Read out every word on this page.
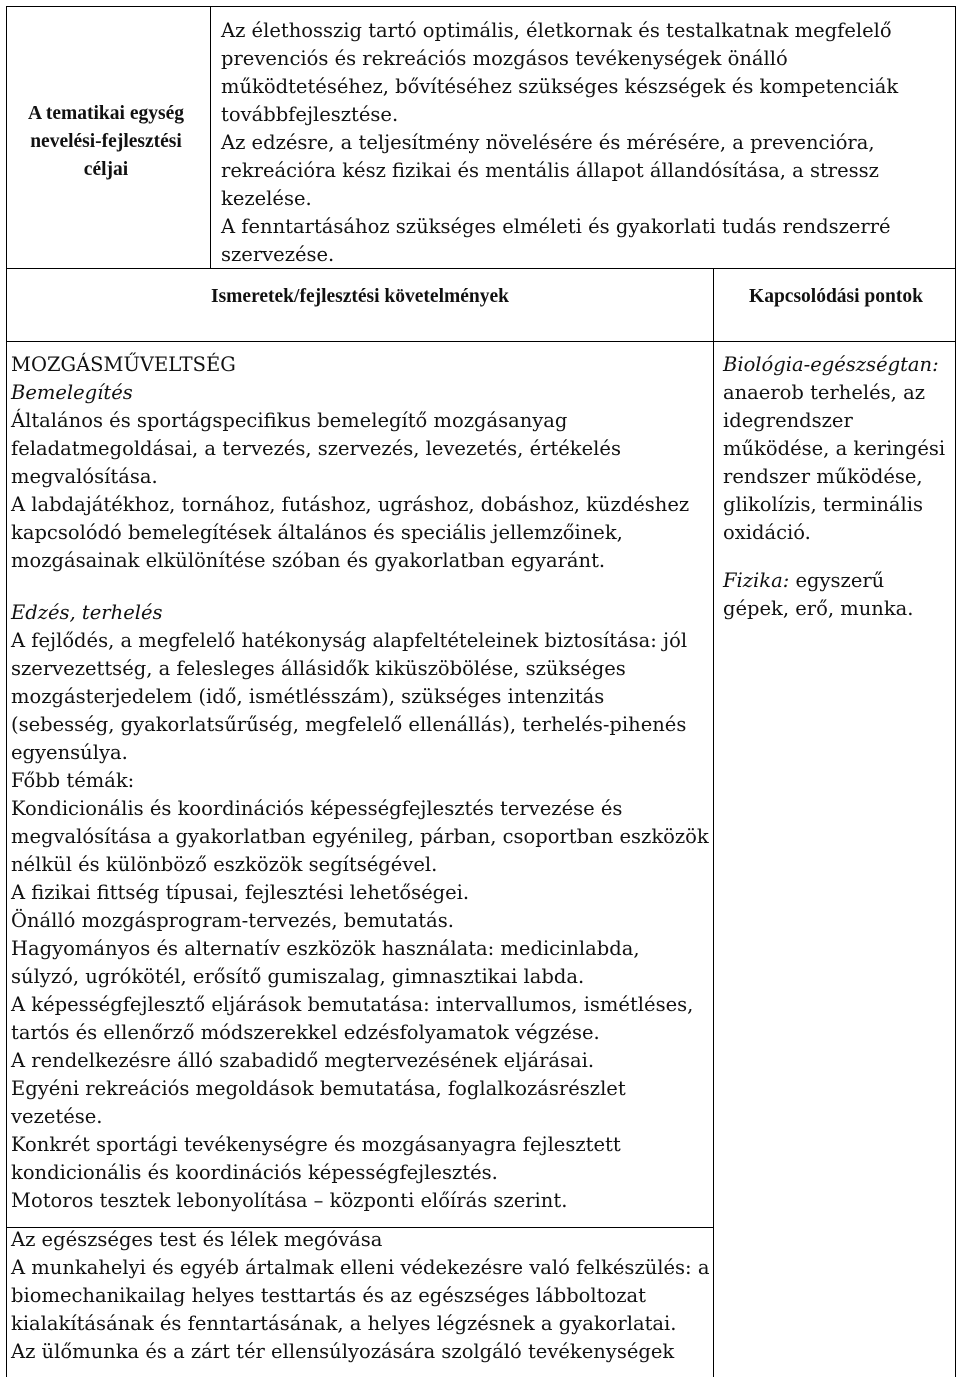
A tematikai egység nevelési-fejlesztési céljai

Az élethosszig tartó optimális, életkornak és testalkatnak megfelelő prevenciós és rekreációs mozgásos tevékenységek önálló működtetéséhez, bővítéséhez szükséges készségek és kompetenciák továbbfejlesztése.
Az edzésre, a teljesítmény növelésére és mérésére, a prevencióra, rekreációra kész fizikai és mentális állapot állandósítása, a stressz kezelése.
A fenntartásához szükséges elméleti és gyakorlati tudás rendszerré szervezése.

Ismeretek/fejlesztési követelmények	Kapcsolódási pontok

MOZGÁSMŰVELTSÉG

Bemelegítés

Általános és sportágspecifikus bemelegítő mozgásanyag feladatmegoldásai, a tervezés, szervezés, levezetés, értékelés megvalósítása.
A labdajátékhoz, tornához, futáshoz, ugráshoz, dobáshoz, küzdéshez kapcsolódó bemelegítések általános és speciális jellemzőinek, mozgásainak elkülönítése szóban és gyakorlatban egyaránt.

Edzés, terhelés

A fejlődés, a megfelelő hatékonyság alapfeltételeinek biztosítása: jól szervezettség, a felesleges állásidők kiküszöbölése, szükséges mozgásterjedelem (idő, ismétlésszám), szükséges intenzitás (sebesség, gyakorlatsűrűség, megfelelő ellenállás), terhelés-pihenés egyensúlya.
Főbb témák:
Kondicionális és koordinációs képességfejlesztés tervezése és megvalósítása a gyakorlatban egyénileg, párban, csoportban eszközök nélkül és különböző eszközök segítségével.
A fizikai fittség típusai, fejlesztési lehetőségei.
Önálló mozgásprogram-tervezés, bemutatás.
Hagyományos és alternatív eszközök használata: medicinlabda, súlyzó, ugrókötél, erősítő gumiszalag, gimnasztikai labda.
A képességfejlesztő eljárások bemutatása: intervallumos, ismétléses, tartós és ellenőrző módszerekkel edzésfolyamatok végzése.
A rendelkezésre álló szabadidő megtervezésének eljárásai.
Egyéni rekreációs megoldások bemutatása, foglalkozásrészlet vezetése.
Konkrét sportági tevékenységre és mozgásanyagra fejlesztett kondicionális és koordinációs képességfejlesztés.
Motoros tesztek lebonyolítása – központi előírás szerint.

Az egészséges test és lélek megóvása
A munkahelyi és egyéb ártalmak elleni védekezésre való felkészülés: a biomechanikailag helyes testtartás és az egészséges lábboltozat kialakításának és fenntartásának, a helyes légzésnek a gyakorlatai.
Az ülőmunka és a zárt tér ellensúlyozására szolgáló tevékenységek

Biológia-egészségtan:

anaerob terhelés, az idegrendszer működése, a keringési rendszer működése, glikolízis, terminális oxidáció.

Fizika: egyszerű gépek, erő, munka.
